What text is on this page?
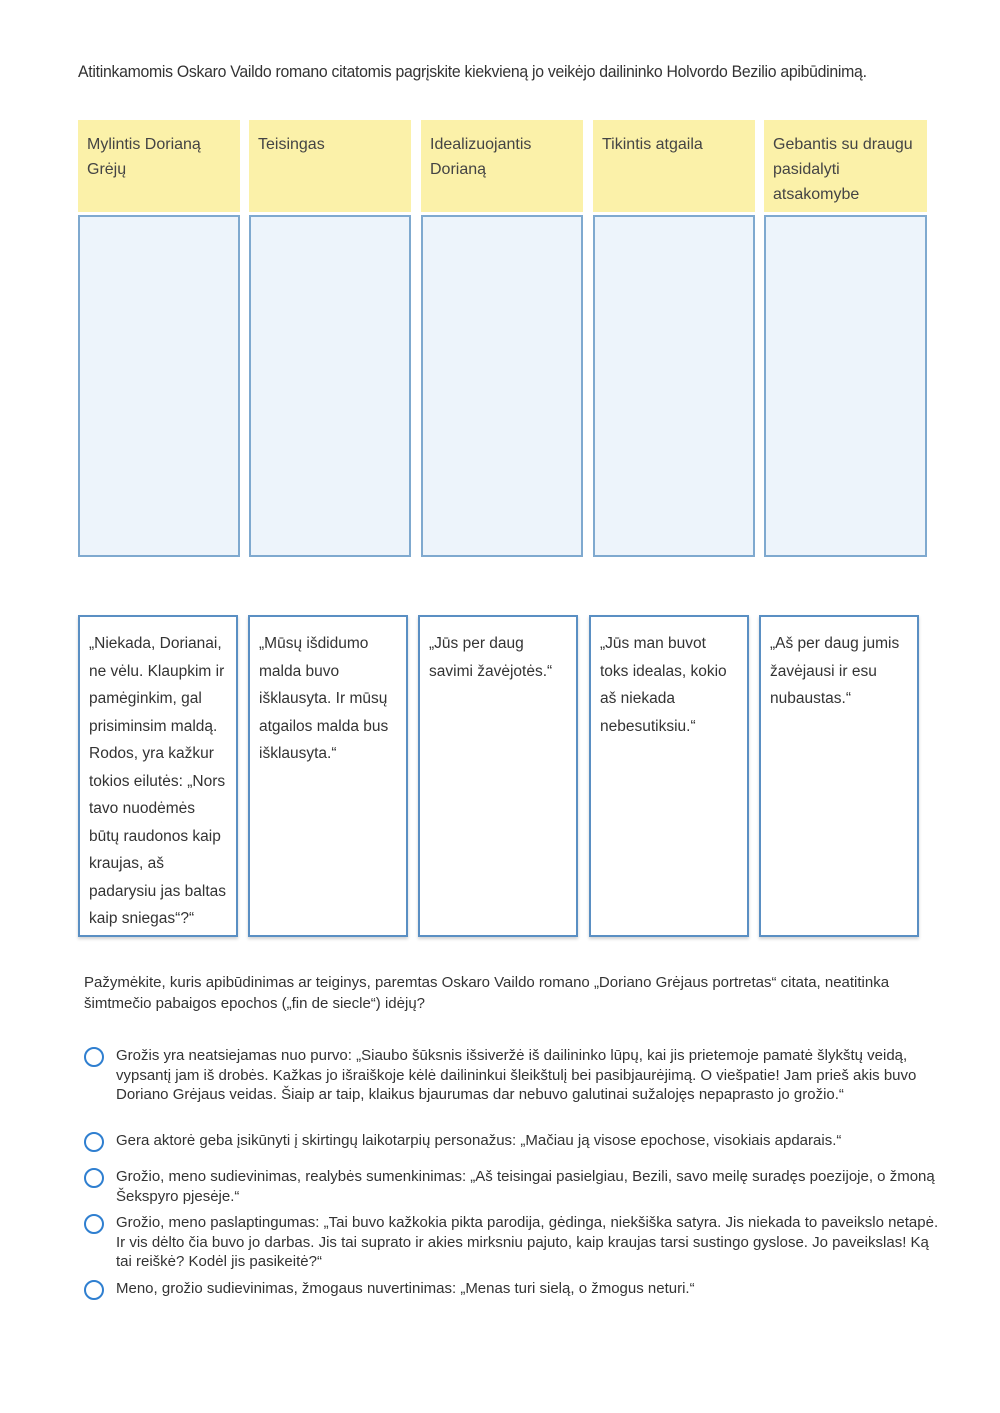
Atitinkamomis Oskaro Vaildo romano citatomis pagrįskite kiekvieną jo veikėjo dailininko Holvordo Bezilio apibūdinimą.
Mylintis Dorianą Grėjų
Teisingas	Idealizuojantis Dorianą
Tikintis atgaila	Gebantis su draugu pasidalyti atsakomybe
„Niekada, Dorianai, ne vėlu. Klaupkim ir pamėginkim, gal prisiminsim maldą. Rodos, yra kažkur tokios eilutės: „Nors tavo nuodėmės būtų raudonos kaip kraujas, aš padarysiu jas baltas kaip sniegas“?“
„Mūsų išdidumo malda buvo išklausyta. Ir mūsų atgailos malda bus išklausyta.“
„Jūs per daug savimi žavėjotės.“
„Jūs man buvot toks idealas, kokio aš niekada nebesutiksiu.“
„Aš per daug jumis žavėjausi ir esu nubaustas.“
Pažymėkite, kuris apibūdinimas ar teiginys, paremtas Oskaro Vaildo romano „Doriano Grėjaus portretas“ citata, neatitinka šimtmečio pabaigos epochos („fin de siecle“) idėjų?
Grožis yra neatsiejamas nuo purvo: „Siaubo šūksnis išsiveržė iš dailininko lūpų, kai jis prietemoje pamatė šlykštų veidą, vypsantį jam iš drobės. Kažkas jo išraiškoje kėlė dailininkui šleikštulį bei pasibjaurėjimą. O viešpatie! Jam prieš akis buvo Doriano Grėjaus veidas. Šiaip ar taip, klaikus bjaurumas dar nebuvo galutinai sužalojęs nepaprasto jo grožio.“
Gera aktorė geba įsikūnyti į skirtingų laikotarpių personažus: „Mačiau ją visose epochose, visokiais apdarais.“
Grožio, meno sudievinimas, realybės sumenkinimas: „Aš teisingai pasielgiau, Bezili, savo meilę suradęs poezijoje, o žmoną Šekspyro pjesėje.“
Grožio, meno paslaptingumas: „Tai buvo kažkokia pikta parodija, gėdinga, niekšiška satyra. Jis niekada to paveikslo netapė. Ir vis dėlto čia buvo jo darbas. Jis tai suprato ir akies mirksniu pajuto, kaip kraujas tarsi sustingo gyslose. Jo paveikslas! Ką tai reiškė? Kodėl jis pasikeitė?“
Meno, grožio sudievinimas, žmogaus nuvertinimas: „Menas turi sielą, o žmogus neturi.“
